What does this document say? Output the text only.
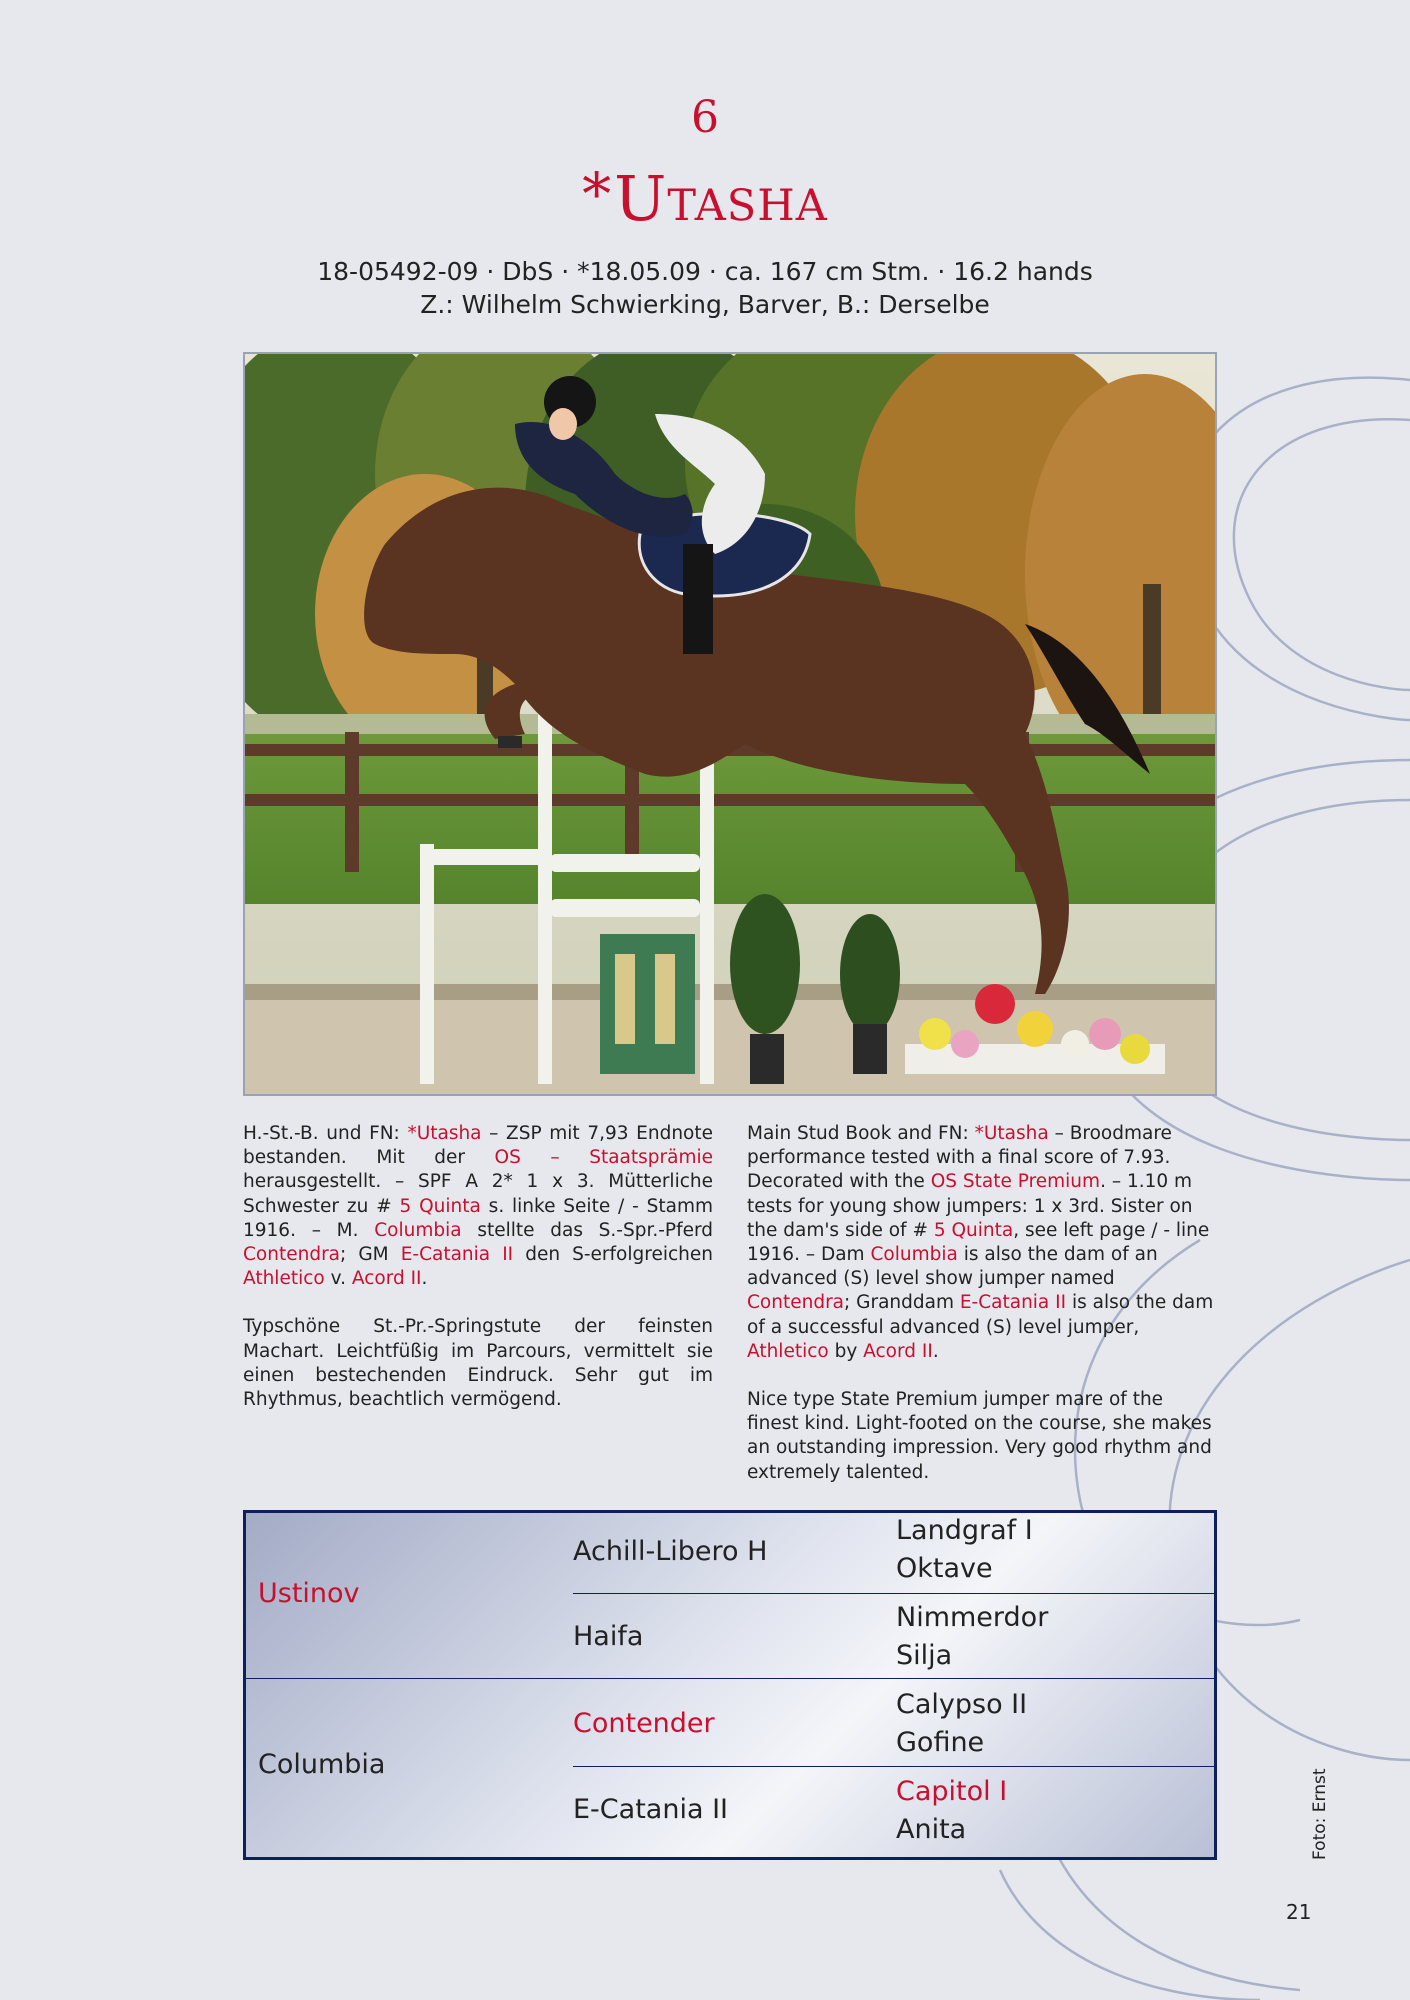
6
*Utasha
18-05492-09 · DbS · *18.05.09 · ca. 167 cm Stm. · 16.2 hands
Z.: Wilhelm Schwierking, Barver, B.: Derselbe

H.-St.-B. und FN: *Utasha – ZSP mit 7,93 Endnote bestanden. Mit der OS – Staatsprämie herausgestellt. – SPF A 2* 1 x 3. Mütterliche Schwester zu # 5 Quinta s. linke Seite / - Stamm 1916. – M. Columbia stellte das S.-Spr.-Pferd Contendra; GM E-Catania II den S-erfolgreichen Athletico v. Acord II.

Typschöne St.-Pr.-Springstute der feinsten Machart. Leichtfüßig im Parcours, vermittelt sie einen bestechenden Eindruck. Sehr gut im Rhythmus, beachtlich vermögend.

Main Stud Book and FN: *Utasha – Broodmare performance tested with a final score of 7.93. Decorated with the OS State Premium. – 1.10 m tests for young show jumpers: 1 x 3rd. Sister on the dam's side of # 5 Quinta, see left page / - line 1916. – Dam Columbia is also the dam of an advanced (S) level show jumper named Contendra; Granddam E-Catania II is also the dam of a successful advanced (S) level jumper, Athletico by Acord II.

Nice type State Premium jumper mare of the finest kind. Light-footed on the course, she makes an outstanding impression. Very good rhythm and extremely talented.

Ustinov
Columbia
Achill-Libero H
Haifa
Contender
E-Catania II
Landgraf I
Oktave
Nimmerdor
Silja
Calypso II
Gofine
Capitol I
Anita	Foto: Ernst
21
